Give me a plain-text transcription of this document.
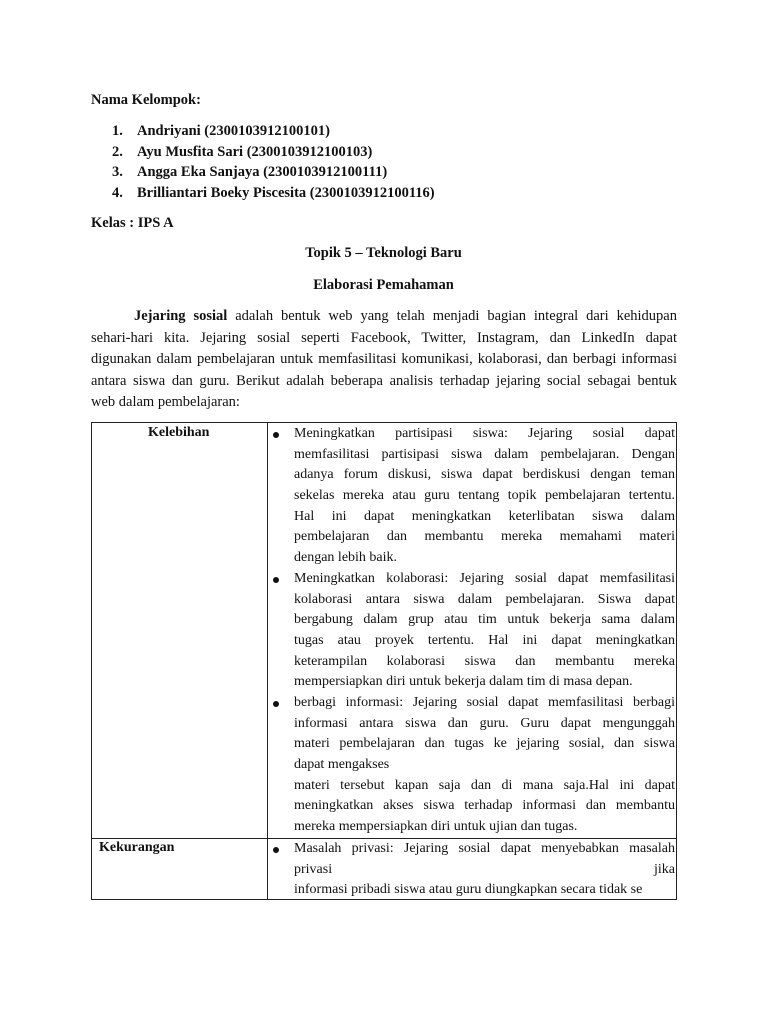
Nama Kelompok:
1. Andriyani (2300103912100101)
2. Ayu Musfita Sari (2300103912100103)
3. Angga Eka Sanjaya (2300103912100111)
4. Brilliantari Boeky Piscesita (2300103912100116)
Kelas : IPS A
Topik 5 – Teknologi Baru
Elaborasi Pemahaman

Jejaring sosial adalah bentuk web yang telah menjadi bagian integral dari kehidupan
sehari-hari kita. Jejaring sosial seperti Facebook, Twitter, Instagram, dan LinkedIn dapat
digunakan dalam pembelajaran untuk memfasilitasi komunikasi, kolaborasi, dan berbagi informasi
antara siswa dan guru. Berikut adalah beberapa analisis terhadap jejaring social sebagai bentuk
web dalam pembelajaran:

Kelebihan
Kekurangan
Meningkatkan partisipasi siswa: Jejaring sosial dapat
memfasilitasi partisipasi siswa dalam pembelajaran. Dengan
adanya forum diskusi, siswa dapat berdiskusi dengan teman
sekelas mereka atau guru tentang topik pembelajaran tertentu.
Hal ini dapat meningkatkan keterlibatan siswa dalam
pembelajaran dan membantu mereka memahami materi
dengan lebih baik.
Meningkatkan kolaborasi: Jejaring sosial dapat memfasilitasi
kolaborasi antara siswa dalam pembelajaran. Siswa dapat
bergabung dalam grup atau tim untuk bekerja sama dalam
tugas atau proyek tertentu. Hal ini dapat meningkatkan
keterampilan kolaborasi siswa dan membantu mereka
mempersiapkan diri untuk bekerja dalam tim di masa depan.
berbagi informasi: Jejaring sosial dapat memfasilitasi berbagi
informasi antara siswa dan guru. Guru dapat mengunggah
materi pembelajaran dan tugas ke jejaring sosial, dan siswa
dapat mengakses
materi tersebut kapan saja dan di mana saja.Hal ini dapat
meningkatkan akses siswa terhadap informasi dan membantu
mereka mempersiapkan diri untuk ujian dan tugas.
Masalah privasi: Jejaring sosial dapat menyebabkan masalah
privasi jika
informasi pribadi siswa atau guru diungkapkan secara tidak se
